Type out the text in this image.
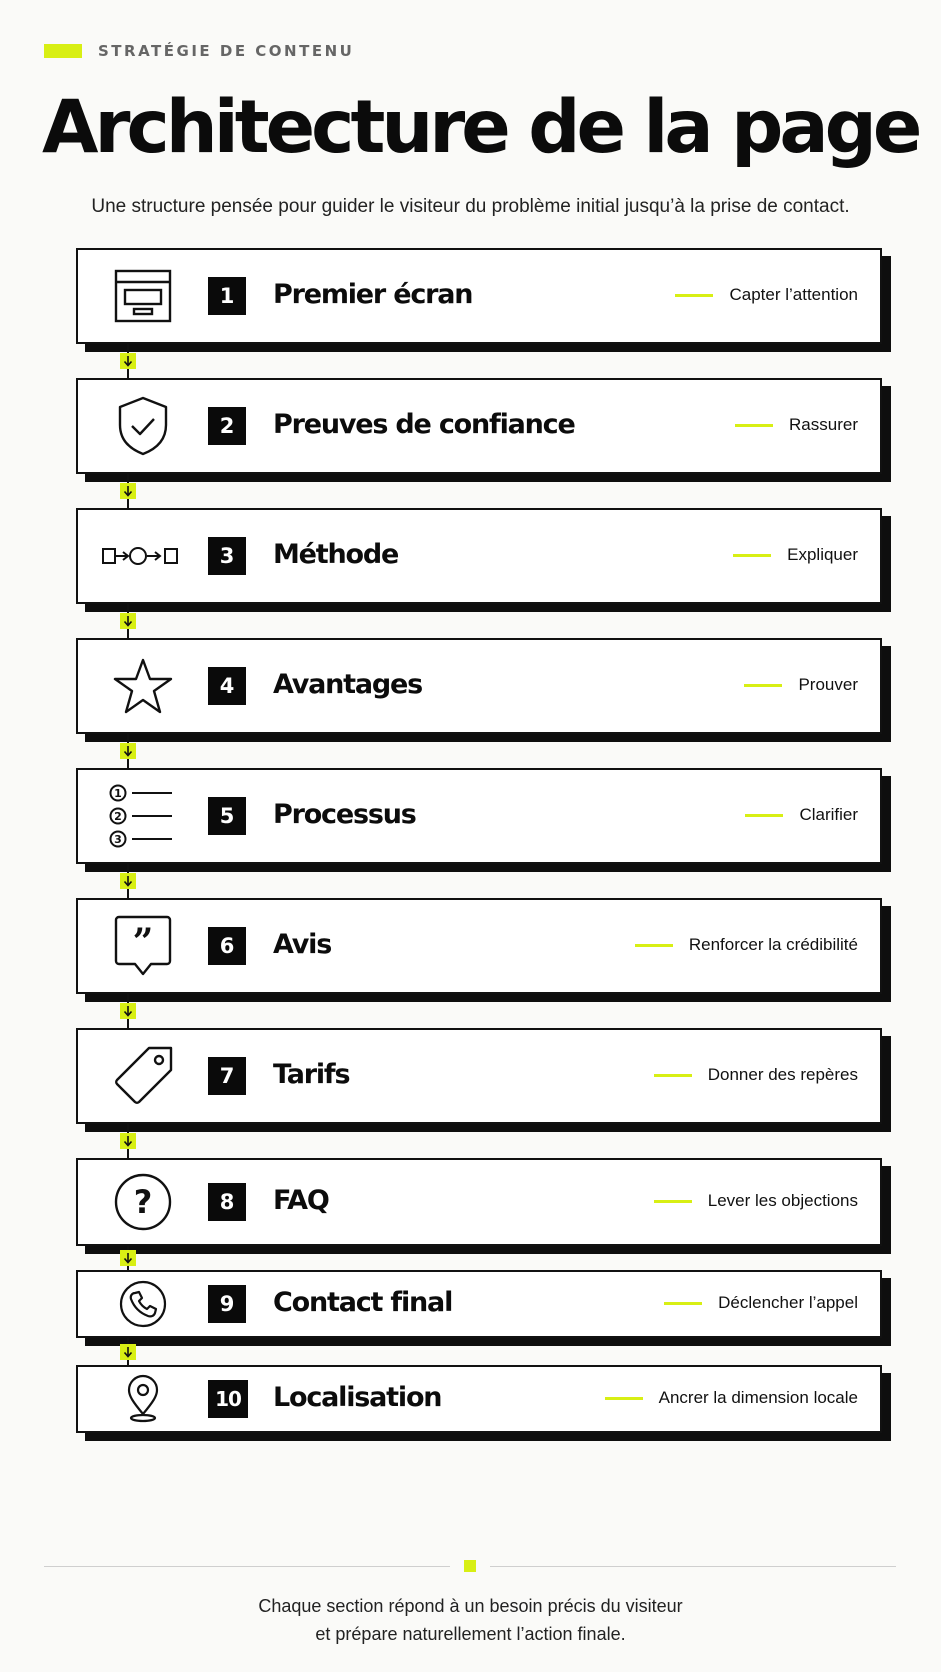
STRATÉGIE DE CONTENU
Architecture de la page
Une structure pensée pour guider le visiteur du problème initial jusqu’à la prise de contact.
1	Premier écran	Capter l’attention
2	Preuves de confiance	Rassurer
3	Méthode	Expliquer
4	Avantages	Prouver
1
2
3
5	Processus	Clarifier
”	6	Avis	Renforcer la crédibilité
7	Tarifs	Donner des repères
?	8	FAQ	Lever les objections
9	Contact final	Déclencher l’appel
10 Localisation	Ancrer la dimension locale
Chaque section répond à un besoin précis du visiteur
et prépare naturellement l’action finale.
